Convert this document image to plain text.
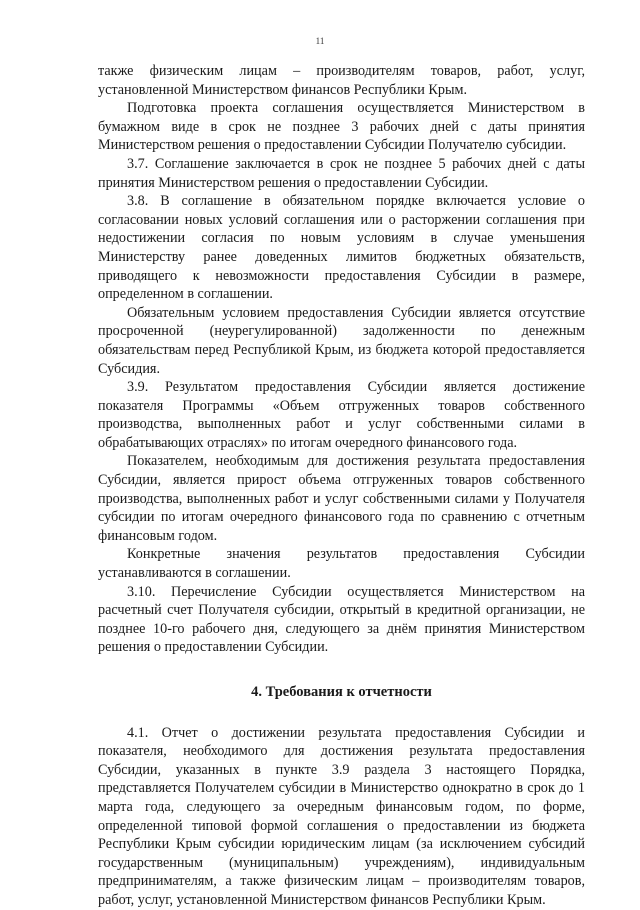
11

также физическим лицам – производителям товаров, работ, услуг, установленной Министерством финансов Республики Крым.

Подготовка проекта соглашения осуществляется Министерством в бумажном виде в срок не позднее 3 рабочих дней с даты принятия Министерством решения о предоставлении Субсидии Получателю субсидии.

3.7. Соглашение заключается в срок не позднее 5 рабочих дней с даты принятия Министерством решения о предоставлении Субсидии.

3.8. В соглашение в обязательном порядке включается условие о согласовании новых условий соглашения или о расторжении соглашения при недостижении согласия по новым условиям в случае уменьшения Министерству ранее доведенных лимитов бюджетных обязательств, приводящего к невозможности предоставления Субсидии в размере, определенном в соглашении.

Обязательным условием предоставления Субсидии является отсутствие просроченной (неурегулированной) задолженности по денежным обязательствам перед Республикой Крым, из бюджета которой предоставляется Субсидия.

3.9. Результатом предоставления Субсидии является достижение показателя Программы «Объем отгруженных товаров собственного производства, выполненных работ и услуг собственными силами в обрабатывающих отраслях» по итогам очередного финансового года.

Показателем, необходимым для достижения результата предоставления Субсидии, является прирост объема отгруженных товаров собственного производства, выполненных работ и услуг собственными силами у Получателя субсидии по итогам очередного финансового года по сравнению с отчетным финансовым годом.

Конкретные значения результатов предоставления Субсидии устанавливаются в соглашении.

3.10. Перечисление Субсидии осуществляется Министерством на расчетный счет Получателя субсидии, открытый в кредитной организации, не позднее 10-го рабочего дня, следующего за днём принятия Министерством решения о предоставлении Субсидии.

4. Требования к отчетности

4.1. Отчет о достижении результата предоставления Субсидии и показателя, необходимого для достижения результата предоставления Субсидии, указанных в пункте 3.9 раздела 3 настоящего Порядка, представляется Получателем субсидии в Министерство однократно в срок до 1 марта года, следующего за очередным финансовым годом, по форме, определенной типовой формой соглашения о предоставлении из бюджета Республики Крым субсидии юридическим лицам (за исключением субсидий государственным (муниципальным) учреждениям), индивидуальным предпринимателям, а также физическим лицам – производителям товаров, работ, услуг, установленной Министерством финансов Республики Крым.
